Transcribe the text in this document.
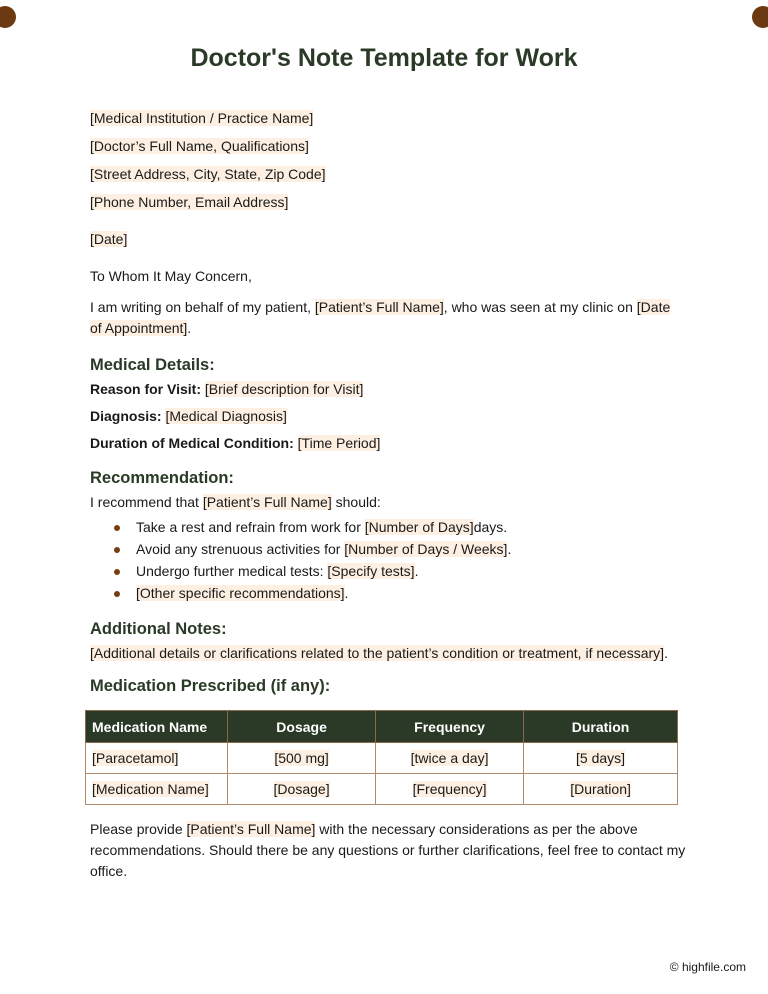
Doctor's Note Template for Work

[Medical Institution / Practice Name]

[Doctor’s Full Name, Qualifications]

[Street Address, City, State, Zip Code]

[Phone Number, Email Address]

[Date]

To Whom It May Concern,

I am writing on behalf of my patient, [Patient’s Full Name], who was seen at my clinic on [Date
of Appointment].

Medical Details:

Reason for Visit: [Brief description for Visit]

Diagnosis: [Medical Diagnosis]

Duration of Medical Condition: [Time Period]

Recommendation:

I recommend that [Patient’s Full Name] should:

Take a rest and refrain from work for [Number of Days]days.
Avoid any strenuous activities for [Number of Days / Weeks].
Undergo further medical tests: [Specify tests].
[Other specific recommendations].
Additional Notes:

[Additional details or clarifications related to the patient’s condition or treatment, if necessary].

Medication Prescribed (if any):
Medication Name	Dosage	Frequency	Duration
[Paracetamol]	[500 mg]	[twice a day]	[5 days]
[Medication Name]	[Dosage]	[Frequency]	[Duration]

Please provide [Patient’s Full Name] with the necessary considerations as per the above recommendations. Should there be any questions or further clarifications, feel free to contact my office.

© highfile.com
